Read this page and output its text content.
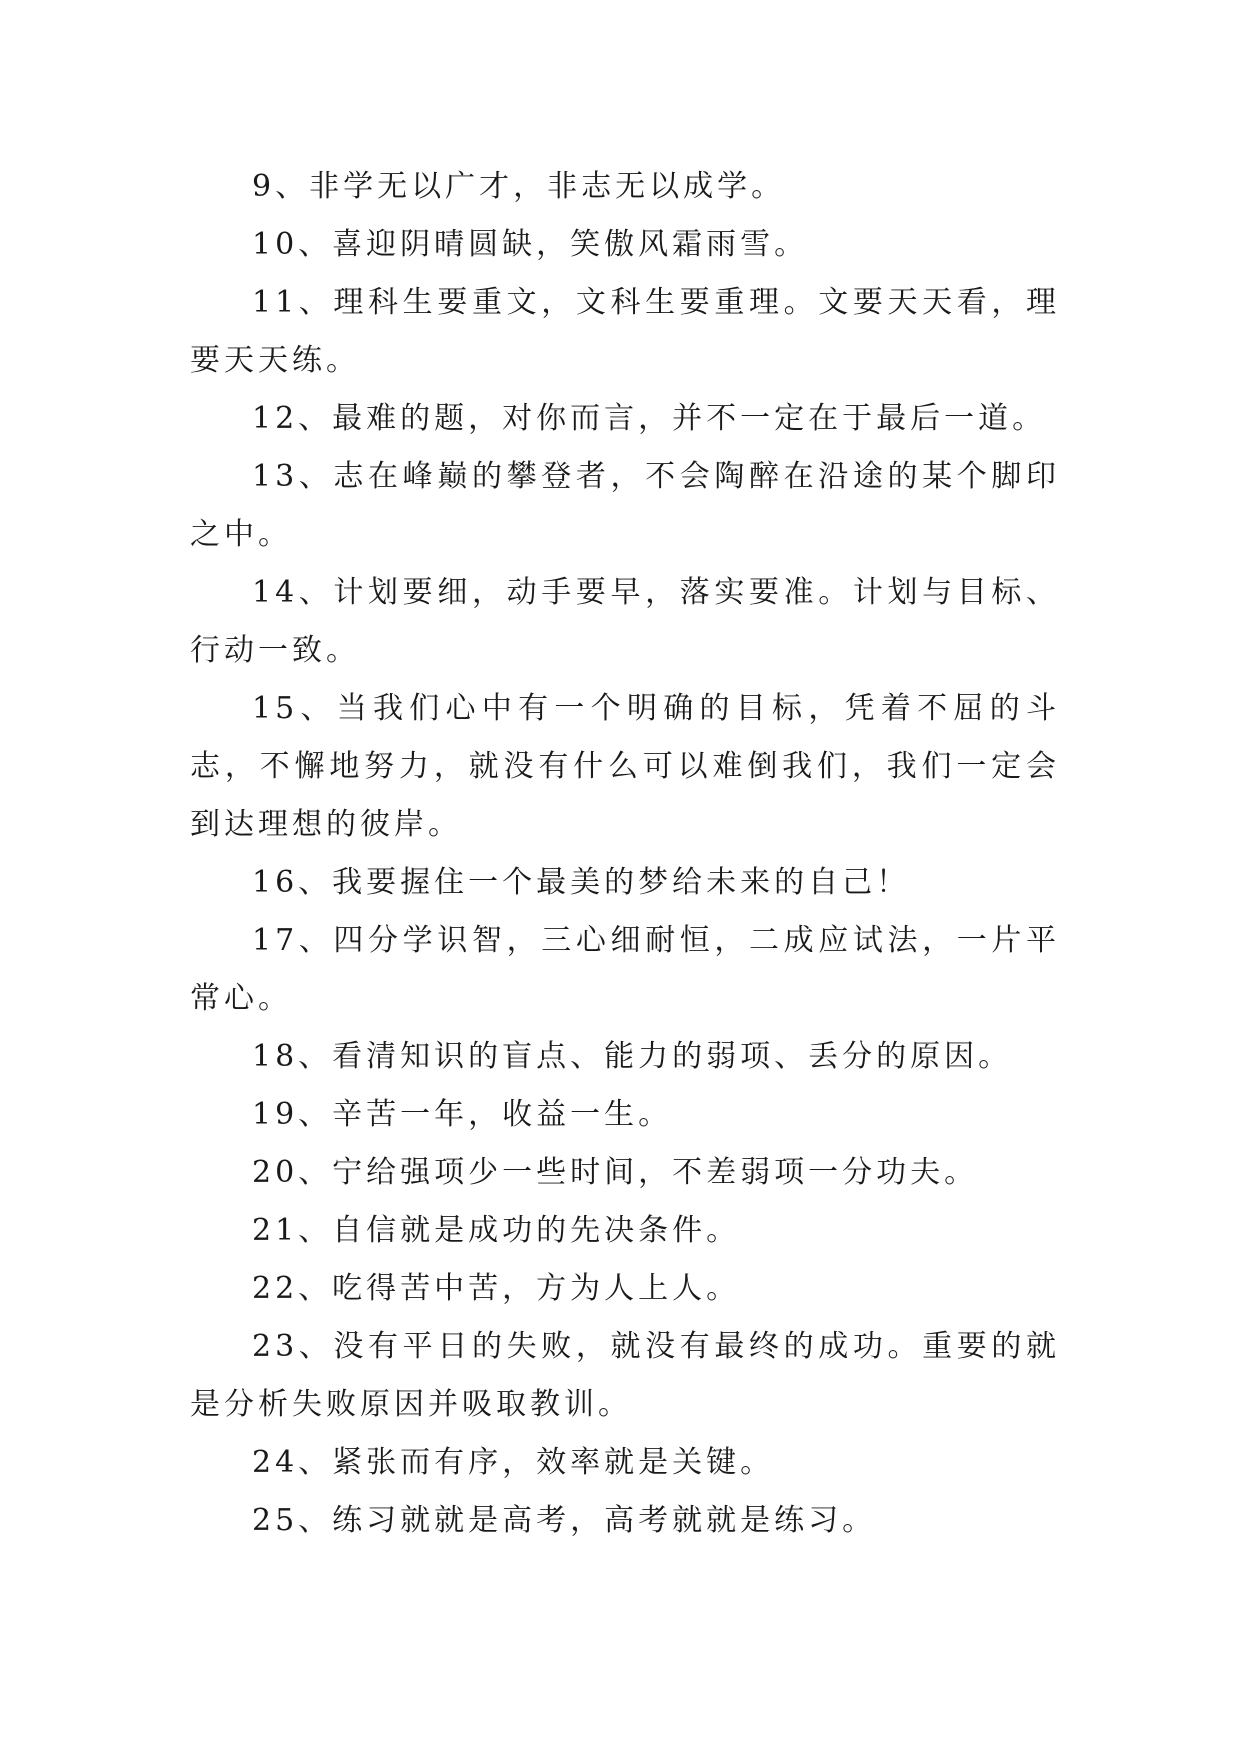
9、非学无以广才，非志无以成学。

10、喜迎阴晴圆缺，笑傲风霜雨雪。

11、理科生要重文，文科生要重理。文要天天看，理要天天练。

12、最难的题，对你而言，并不一定在于最后一道。

13、志在峰巅的攀登者，不会陶醉在沿途的某个脚印之中。

14、计划要细，动手要早，落实要准。计划与目标、行动一致。

15、当我们心中有一个明确的目标，凭着不屈的斗志，不懈地努力，就没有什么可以难倒我们，我们一定会到达理想的彼岸。

16、我要握住一个最美的梦给未来的自己！

17、四分学识智，三心细耐恒，二成应试法，一片平常心。

18、看清知识的盲点、能力的弱项、丢分的原因。

19、辛苦一年，收益一生。

20、宁给强项少一些时间，不差弱项一分功夫。

21、自信就是成功的先决条件。

22、吃得苦中苦，方为人上人。

23、没有平日的失败，就没有最终的成功。重要的就是分析失败原因并吸取教训。

24、紧张而有序，效率就是关键。

25、练习就就是高考，高考就就是练习。
